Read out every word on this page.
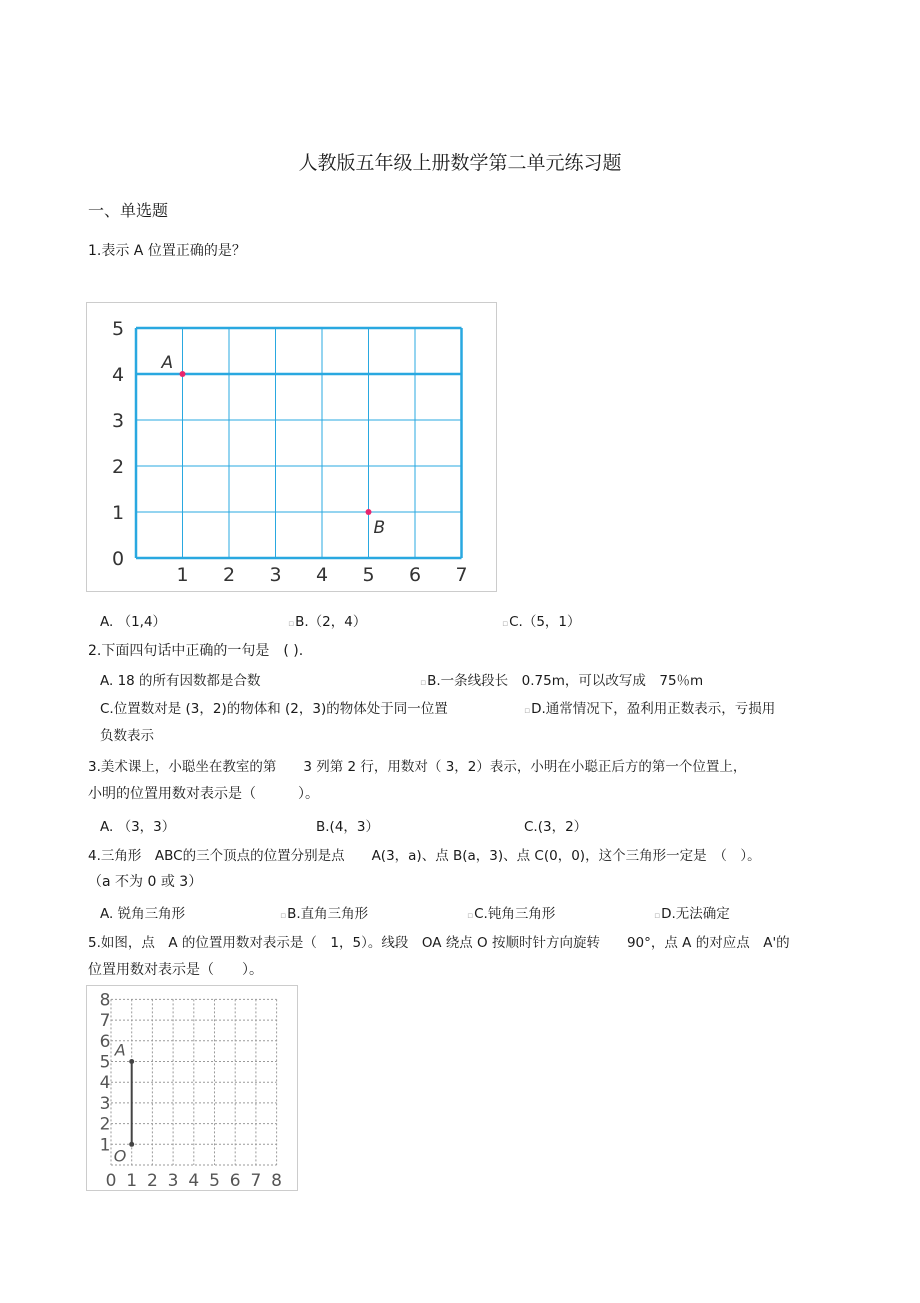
人教版五年级上册数学第二单元练习题
一、单选题
1.表示 A 位置正确的是？
0
1
2
3
4
5
1 2 3 4 5 6 7
A
B
A. （1,4）	▫B.（2，4）	▫C.（5，1）
2.下面四句话中正确的一句是　( ).
A. 18 的所有因数都是合数	▫B.一条线段长　0.75m，可以改写成　75％m
C.位置数对是 (3，2)的物体和 (2，3)的物体处于同一位置	▫D.通常情况下，盈利用正数表示，亏损用
负数表示
3.美术课上，小聪坐在教室的第　　3 列第 2 行，用数对（ 3，2）表示，小明在小聪正后方的第一个位置上，
小明的位置用数对表示是（　　　）。
A. （3，3）	B.(4，3）	C.(3，2）
4.三角形　ABC的三个顶点的位置分别是点　　A(3，a)、点 B(a，3)、点 C(0，0)，这个三角形一定是　（　）。
（a 不为 0 或 3）
A. 锐角三角形	▫B.直角三角形	▫C.钝角三角形	▫D.无法确定
5.如图，点　A 的位置用数对表示是（　1，5）。线段　OA 绕点 O 按顺时针方向旋转　　90°，点 A 的对应点　A'的
位置用数对表示是（　　）。
1
2
3
4
5
6
7
8
0 1 2 3 4 5 6 7 8
A
O
